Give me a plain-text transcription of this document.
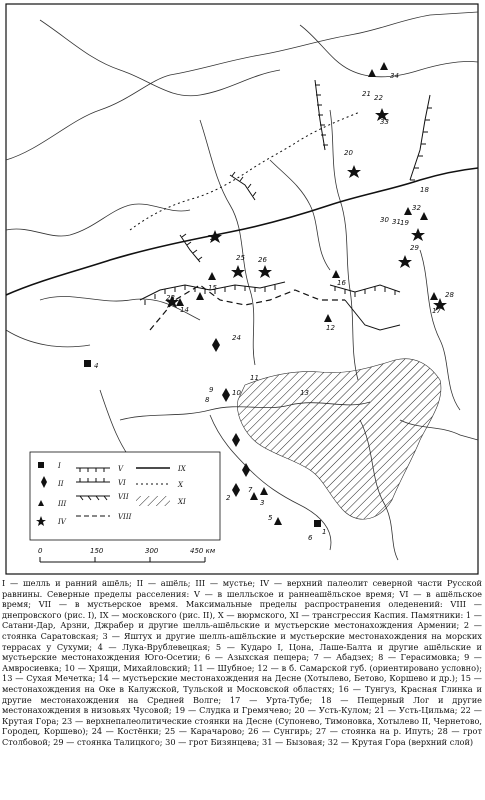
1
2
3
4
5
6
7
8
9	10
11
12
13
14
15
16
17
18
19
20
21 22
23
24
25 26
27
28
29
30 31
32
33
34
I
II
III
IV
V
VI
VII
VIII
IX
X
XI
0	150	300	450 км

I — шелль и ранний ашёль; II — ашёль; III — мустье; IV — верхний палеолит северной части Русской равнины. Северные пределы расселения: V — в шелльское и раннеашёльское время; VI — в ашёльское время; VII — в мустьерское время. Максимальные пределы распространения оледенений: VIII — днепровского (рис. I), IX — московского (рис. II), X — вюрмского, XI — трансгрессия Каспия. Памятники: 1 — Сатани-Дар, Арзни, Джрабер и другие шелль-ашёльские и мустьерские местонахождения Армении; 2 — стоянка Саратовская; 3 — Яштух и другие шелль-ашёльские и мустьерские местонахождения на морских террасах у Сухуми; 4 — Лука-Врублевецкая; 5 — Кударо I, Цона, Лаше-Балта и другие ашёльские и мустьерские местонахождения Юго-Осетии; 6 — Азыхская пещера; 7 — Абадзех; 8 — Герасимовка; 9 — Амвросиевка; 10 — Хрящи, Михайловский; 11 — Шубное; 12 — в б. Самарской губ. (ориентировано условно); 13 — Сухая Мечетка; 14 — мустьерские местонахождения на Десне (Хотылево, Бетово, Коршево и др.); 15 — местонахождения на Оке в Калужской, Тульской и Московской областях; 16 — Тунгуз, Красная Глинка и другие местонахождения на Средней Волге; 17 — Урта-Тубе; 18 — Пещерный Лог и другие местонахождения в низовьях Чусовой; 19 — Слудка и Гремячево; 20 — Усть-Кулом; 21 — Усть-Цильма; 22 — Крутая Гора; 23 — верхнепалеолитические стоянки на Десне (Супонево, Тимоновка, Хотылево II, Чернетово, Городец, Коршево); 24 — Костёнки; 25 — Карачарово; 26 — Сунгирь; 27 — стоянка на р. Ипуть; 28 — грот Столбовой; 29 — стоянка Талицкого; 30 — грот Бизянцева; 31 — Бызовая; 32 — Крутая Гора (верхний слой)
